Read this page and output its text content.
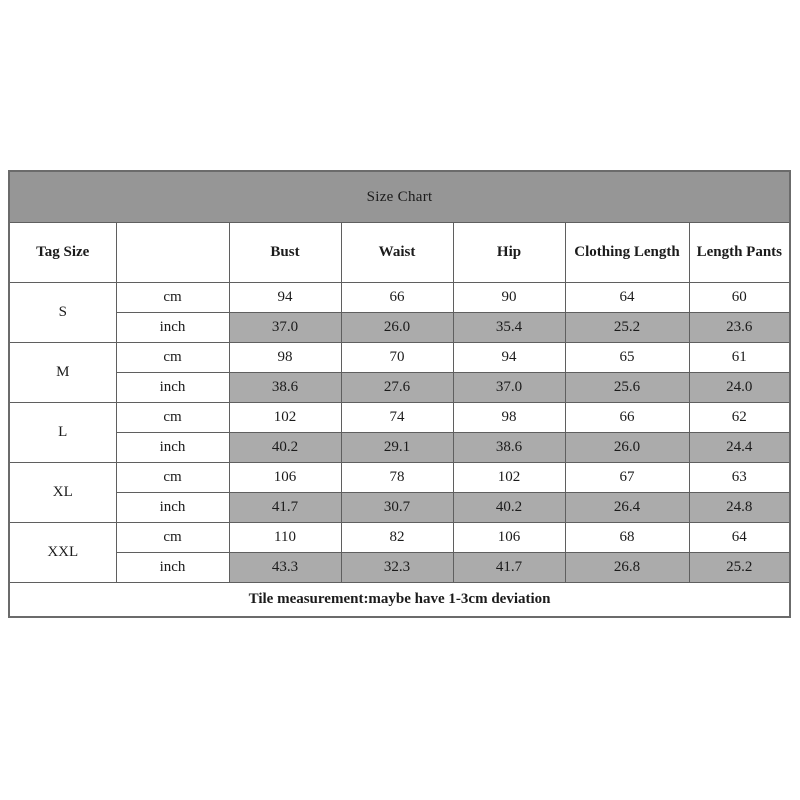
Size Chart						
Tag Size		Bust	Waist	Hip	Clothing Length	Length Pants
S	cm	94	66	90	64	60
	inch	37.0	26.0	35.4	25.2	23.6
M	cm	98	70	94	65	61
	inch	38.6	27.6	37.0	25.6	24.0
L	cm	102	74	98	66	62
	inch	40.2	29.1	38.6	26.0	24.4
XL	cm	106	78	102	67	63
	inch	41.7	30.7	40.2	26.4	24.8
XXL	cm	110	82	106	68	64
	inch	43.3	32.3	41.7	26.8	25.2
Tile measurement:maybe have 1-3cm deviation						
